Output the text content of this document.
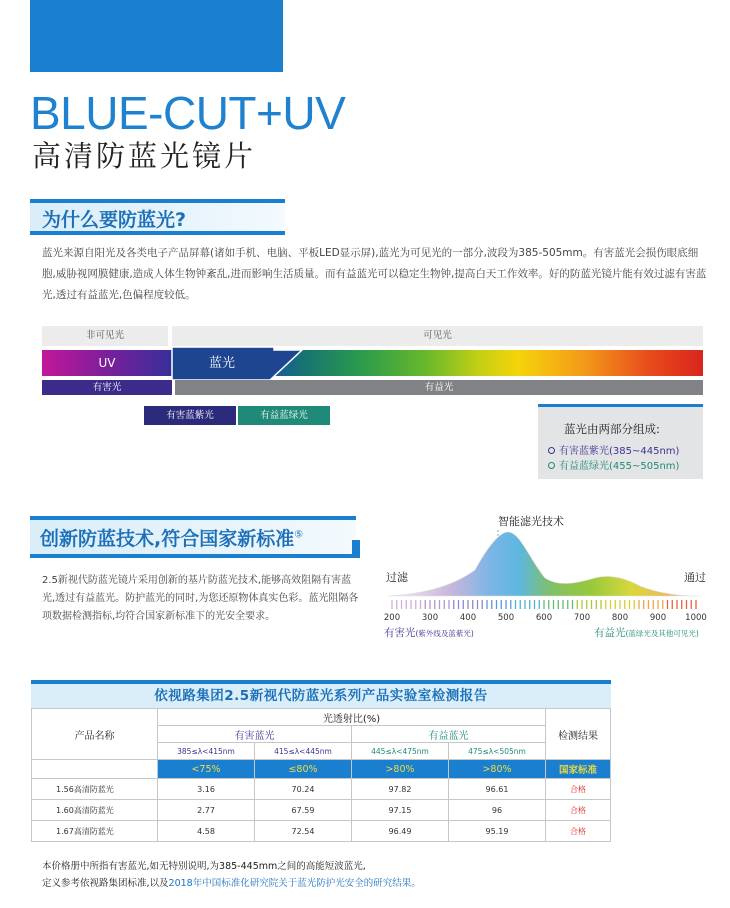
BLUE-CUT+UV
高清防蓝光镜片
为什么要防蓝光?

蓝光来源自阳光及各类电子产品屏幕(诸如手机、电脑、平板LED显示屏),蓝光为可见光的一部分,波段为385-505mm。有害蓝光会损伤眼底细胞,威胁视网膜健康,造成人体生物钟紊乱,进而影响生活质量。而有益蓝光可以稳定生物钟,提高白天工作效率。好的防蓝光镜片能有效过滤有害蓝光,透过有益蓝光,色偏程度较低。

非可见光	可见光
UV	蓝光
有害光	有益光
有害蓝紫光	有益蓝绿光
蓝光由两部分组成:
有害蓝紫光(385~445nm)
有益蓝绿光(455~505nm)
创新防蓝技术,符合国家新标准⑤

2.5新视代防蓝光镜片采用创新的基片防蓝光技术,能够高效阻隔有害蓝光,透过有益蓝光。防护蓝光的同时,为您还原物体真实色彩。蓝光阻隔各项数据检测指标,均符合国家新标准下的光安全要求。

智能滤光技术
过滤	通过
200	300	400	500	600	700	800	900 1000
有害光(紫外线及蓝紫光)	有益光(蓝绿光及其他可见光)
依视路集团2.5新视代防蓝光系列产品实验室检测报告
产品名称	光透射比(%)				检测结果
	有害蓝光		有益蓝光		
	385≤λ<415nm	415≤λ<445nm	445≤λ<475nm	475≤λ<505nm	
	<75%	≤80%	>80%	>80%	国家标准
1.56高清防蓝光	3.16	70.24	97.82	96.61	合格
1.60高清防蓝光	2.77	67.59	97.15	96	合格
1.67高清防蓝光	4.58	72.54	96.49	95.19	合格
本价格册中所指有害蓝光,如无特别说明,为385-445mm之间的高能短波蓝光,
定义参考依视路集团标准,以及2018年中国标准化研究院关于蓝光防护光安全的研究结果。
